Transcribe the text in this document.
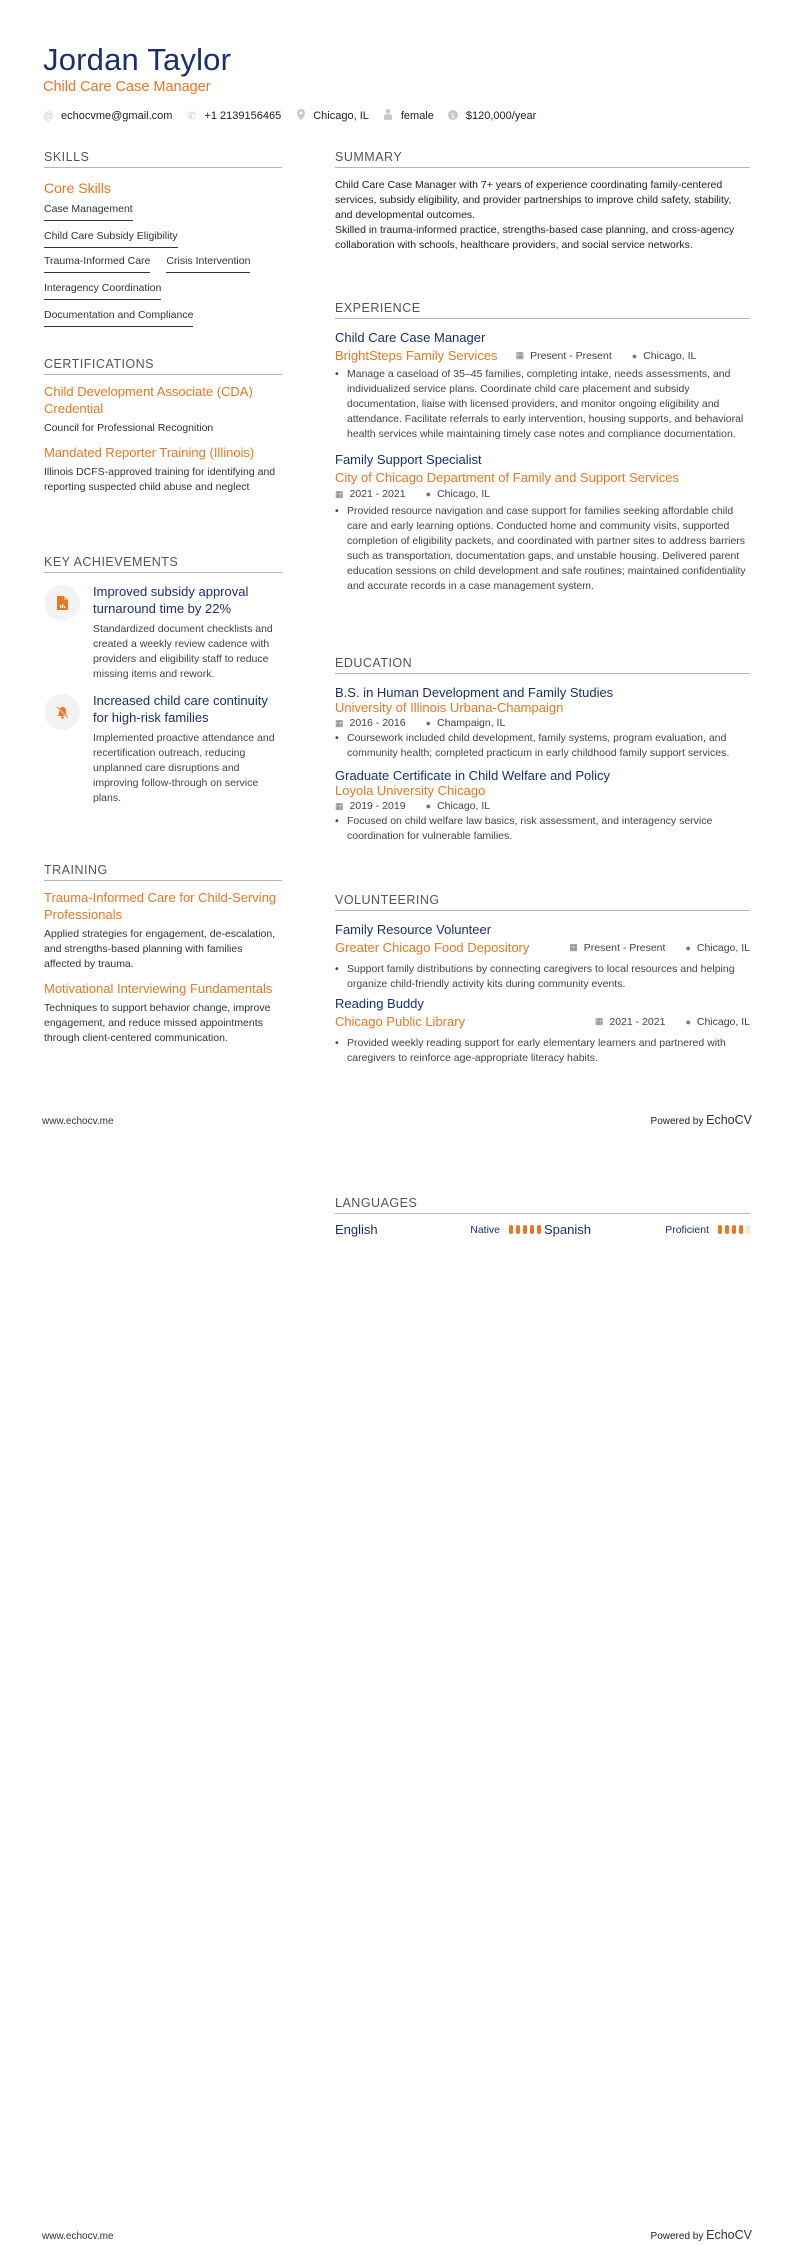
Jordan Taylor
Child Care Case Manager
@ echocvme@gmail.com ✆ +1 2139156465	Chicago, IL	female $ $120,000/year
SKILLS
Core Skills
Case Management
Child Care Subsidy Eligibility
Trauma-Informed Care Crisis Intervention
Interagency Coordination
Documentation and Compliance
CERTIFICATIONS
Child Development Associate (CDA) Credential
Council for Professional Recognition
Mandated Reporter Training (Illinois)
Illinois DCFS-approved training for identifying and reporting suspected child abuse and neglect
KEY ACHIEVEMENTS
Improved subsidy approval turnaround time by 22%
Standardized document checklists and created a weekly review cadence with providers and eligibility staff to reduce missing items and rework.
Increased child care continuity for high-risk families
Implemented proactive attendance and recertification outreach, reducing unplanned care disruptions and improving follow-through on service plans.
TRAINING
Trauma-Informed Care for Child-Serving Professionals
Applied strategies for engagement, de-escalation, and strengths-based planning with families affected by trauma.
Motivational Interviewing Fundamentals
Techniques to support behavior change, improve engagement, and reduce missed appointments through client-centered communication.
SUMMARY

Child Care Case Manager with 7+ years of experience coordinating family-centered services, subsidy eligibility, and provider partnerships to improve child safety, stability, and developmental outcomes.

Skilled in trauma-informed practice, strengths-based case planning, and cross-agency collaboration with schools, healthcare providers, and social service networks.

EXPERIENCE
Child Care Case Manager
BrightSteps Family Services ▦ Present - Present ● Chicago, IL
• Manage a caseload of 35–45 families, completing intake, needs assessments, and individualized service plans. Coordinate child care placement and subsidy documentation, liaise with licensed providers, and monitor ongoing eligibility and attendance. Facilitate referrals to early intervention, housing supports, and behavioral health services while maintaining timely case notes and compliance documentation.
Family Support Specialist
City of Chicago Department of Family and Support Services
▦ 2021 - 2021 ● Chicago, IL
• Provided resource navigation and case support for families seeking affordable child care and early learning options. Conducted home and community visits, supported completion of eligibility packets, and coordinated with partner sites to address barriers such as transportation, documentation gaps, and unstable housing. Delivered parent education sessions on child development and safe routines; maintained confidentiality and accurate records in a case management system.
EDUCATION
B.S. in Human Development and Family Studies
University of Illinois Urbana-Champaign
▦ 2016 - 2016 ● Champaign, IL
• Coursework included child development, family systems, program evaluation, and community health; completed practicum in early childhood family support services.
Graduate Certificate in Child Welfare and Policy
Loyola University Chicago
▦ 2019 - 2019 ● Chicago, IL
• Focused on child welfare law basics, risk assessment, and interagency service coordination for vulnerable families.
VOLUNTEERING
Family Resource Volunteer
Greater Chicago Food Depository	▦ Present - Present ● Chicago, IL
• Support family distributions by connecting caregivers to local resources and helping organize child-friendly activity kits during community events.
Reading Buddy
Chicago Public Library	▦ 2021 - 2021 ● Chicago, IL
• Provided weekly reading support for early elementary learners and partnered with caregivers to reinforce age-appropriate literacy habits.
www.echocv.me	Powered by EchoCV
LANGUAGES
English	Native	Spanish	Proficient
www.echocv.me	Powered by EchoCV
